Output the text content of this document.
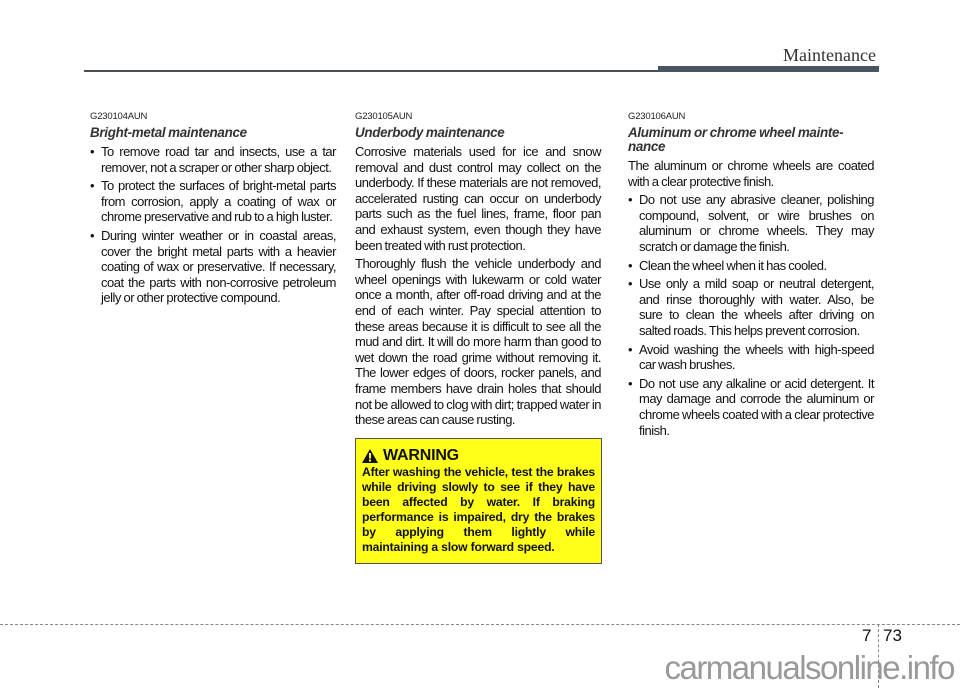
Maintenance
G230104AUN
Bright-metal maintenance
• To remove road tar and insects, use a tar remover, not a scraper or other sharp object.
• To protect the surfaces of bright-metal parts from corrosion, apply a coating of wax or chrome preservative and rub to a high luster.
• During winter weather or in coastal areas, cover the bright metal parts with a heavier coating of wax or preservative. If necessary, coat the parts with non-corrosive petroleum jelly or other protective compound.
G230105AUN
Underbody maintenance

Corrosive materials used for ice and snow removal and dust control may collect on the underbody. If these materials are not removed, accelerated rusting can occur on underbody parts such as the fuel lines, frame, floor pan and exhaust system, even though they have been treated with rust protection.

Thoroughly flush the vehicle underbody and wheel openings with lukewarm or cold water once a month, after off-road driving and at the end of each winter. Pay special attention to these areas because it is difficult to see all the mud and dirt. It will do more harm than good to wet down the road grime without removing it. The lower edges of doors, rocker panels, and frame members have drain holes that should not be allowed to clog with dirt; trapped water in these areas can cause rusting.

WARNING
After washing the vehicle, test the brakes while driving slowly to see if they have been affected by water. If braking performance is impaired, dry the brakes by applying them lightly while maintaining a slow forward speed.
G230106AUN
Aluminum or chrome wheel mainte-nance

The aluminum or chrome wheels are coated with a clear protective finish.

• Do not use any abrasive cleaner, polishing compound, solvent, or wire brushes on aluminum or chrome wheels. They may scratch or damage the finish.
• Clean the wheel when it has cooled.
• Use only a mild soap or neutral detergent, and rinse thoroughly with water. Also, be sure to clean the wheels after driving on salted roads. This helps prevent corrosion.
• Avoid washing the wheels with high-speed car wash brushes.
• Do not use any alkaline or acid detergent. It may damage and corrode the aluminum or chrome wheels coated with a clear protective finish.
7 73
carmanualsonline.info
